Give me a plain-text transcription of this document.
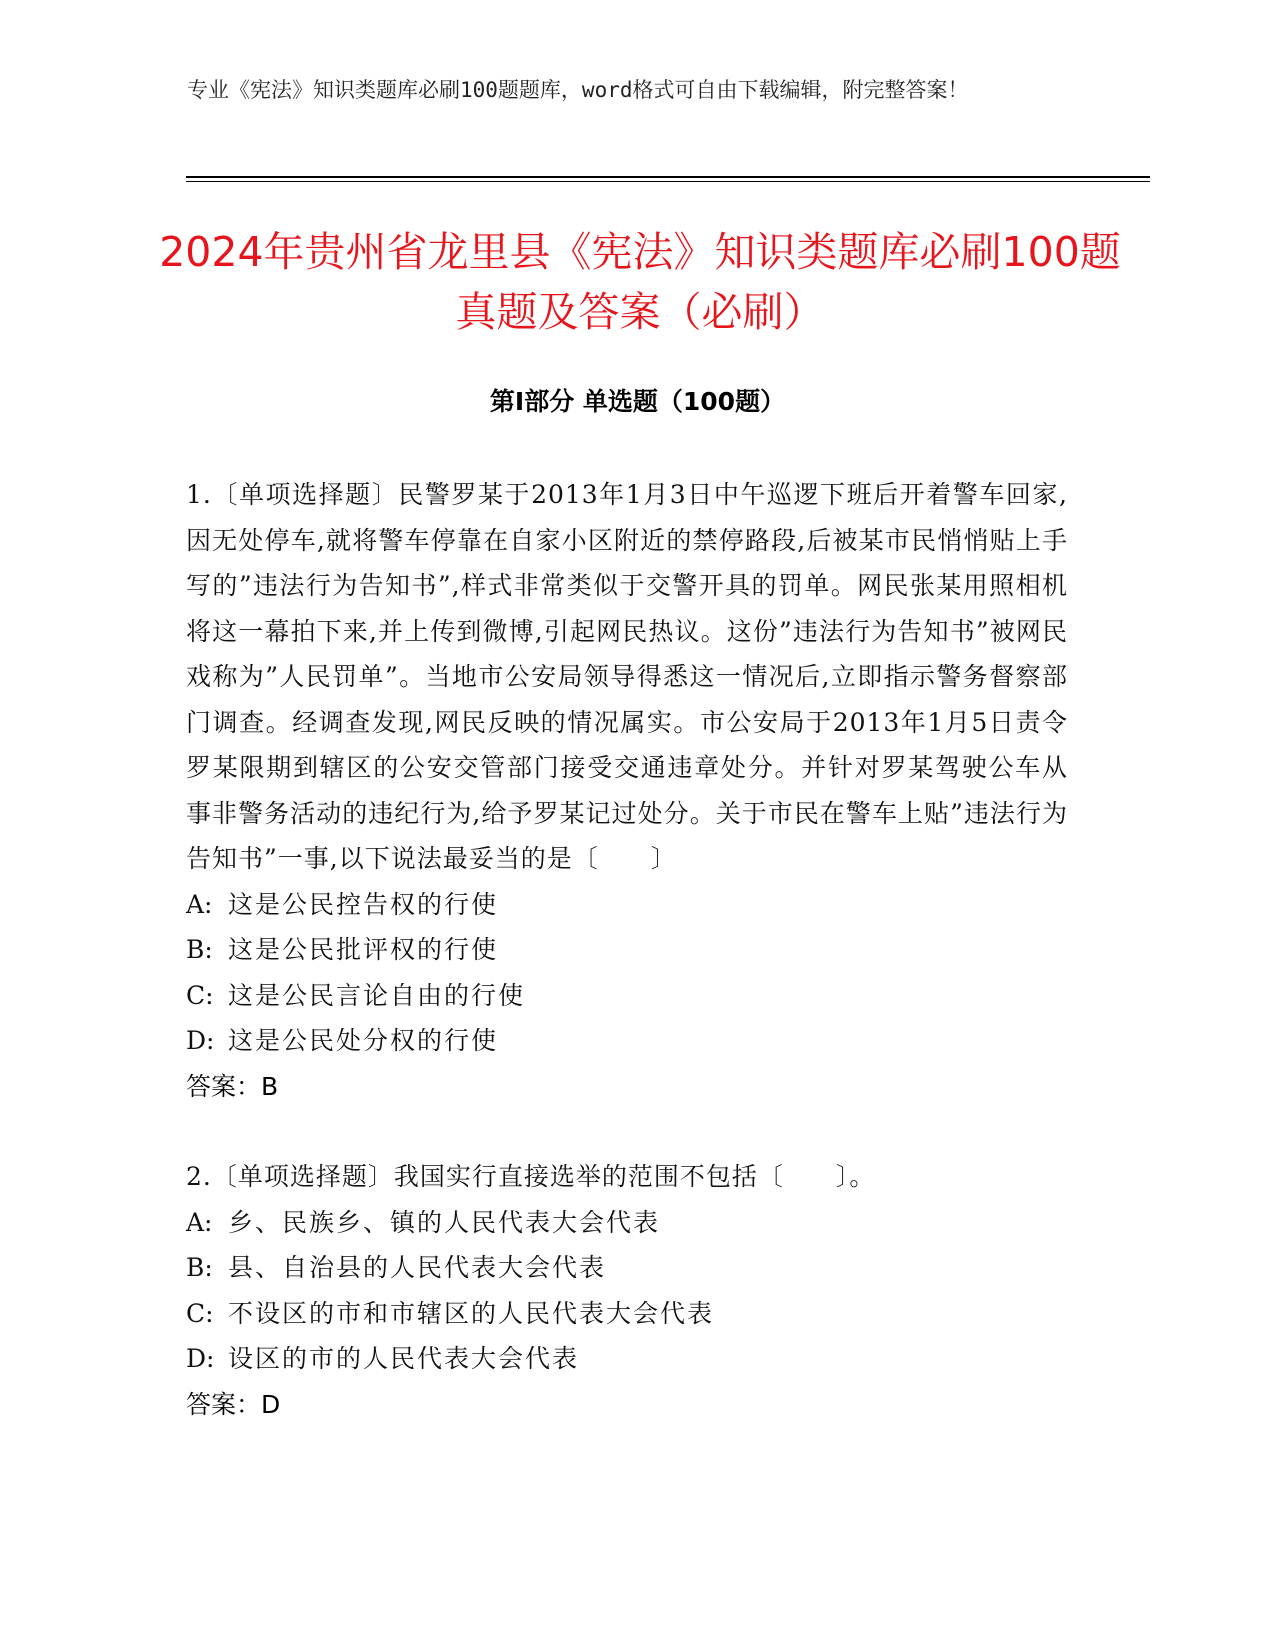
专业《宪法》知识类题库必刷100题题库，word格式可自由下载编辑，附完整答案！
2024年贵州省龙里县《宪法》知识类题库必刷100题真题及答案（必刷）
第Ⅰ部分 单选题（100题）

1.〔单项选择题〕民警罗某于2013年1月3日中午巡逻下班后开着警车回家,因无处停车,就将警车停靠在自家小区附近的禁停路段,后被某市民悄悄贴上手写的”违法行为告知书”,样式非常类似于交警开具的罚单。网民张某用照相机将这一幕拍下来,并上传到微博,引起网民热议。这份”违法行为告知书”被网民戏称为”人民罚单”。当地市公安局领导得悉这一情况后,立即指示警务督察部门调查。经调查发现,网民反映的情况属实。市公安局于2013年1月5日责令罗某限期到辖区的公安交管部门接受交通违章处分。并针对罗某驾驶公车从事非警务活动的违纪行为,给予罗某记过处分。关于市民在警车上贴”违法行为告知书”一事,以下说法最妥当的是〔　　〕

A: 这是公民控告权的行使

B: 这是公民批评权的行使

C: 这是公民言论自由的行使

D: 这是公民处分权的行使

答案：B

2.〔单项选择题〕我国实行直接选举的范围不包括〔　　〕。

A: 乡、民族乡、镇的人民代表大会代表

B: 县、自治县的人民代表大会代表

C: 不设区的市和市辖区的人民代表大会代表

D: 设区的市的人民代表大会代表

答案：D
